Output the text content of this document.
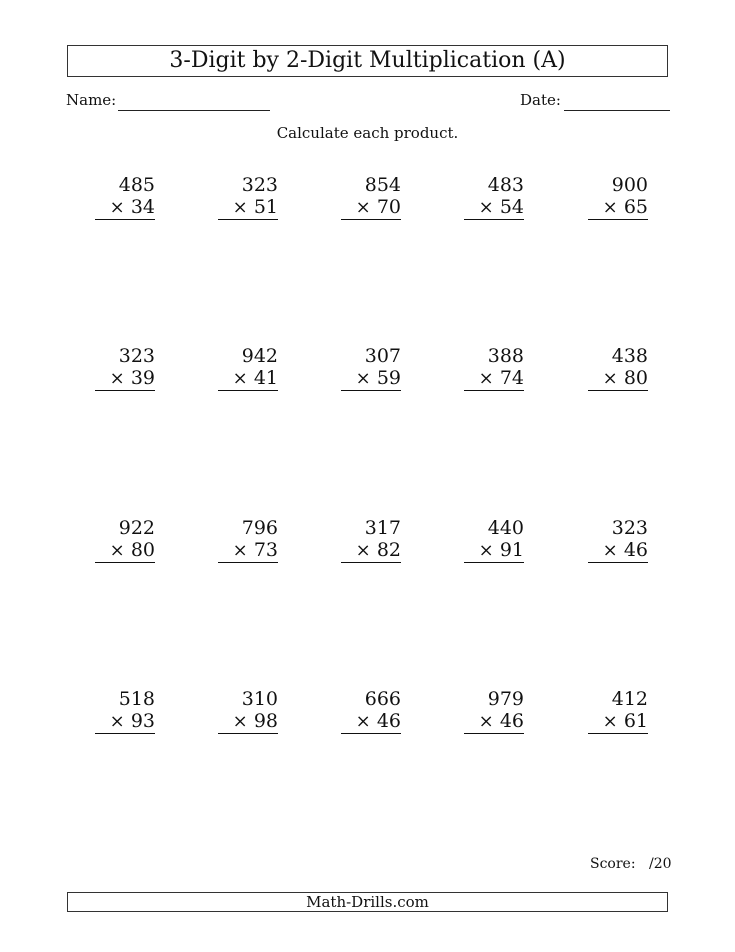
3-Digit by 2-Digit Multiplication (A)
Name:	Date:
Calculate each product.
485
× 34
323
× 51
854
× 70
483
× 54
900
× 65
323
× 39
942
× 41
307
× 59
388
× 74
438
× 80
922
× 80
796
× 73
317
× 82
440
× 91
323
× 46
518
× 93
310
× 98
666
× 46
979
× 46
412
× 61
Score: /20
Math-Drills.com
